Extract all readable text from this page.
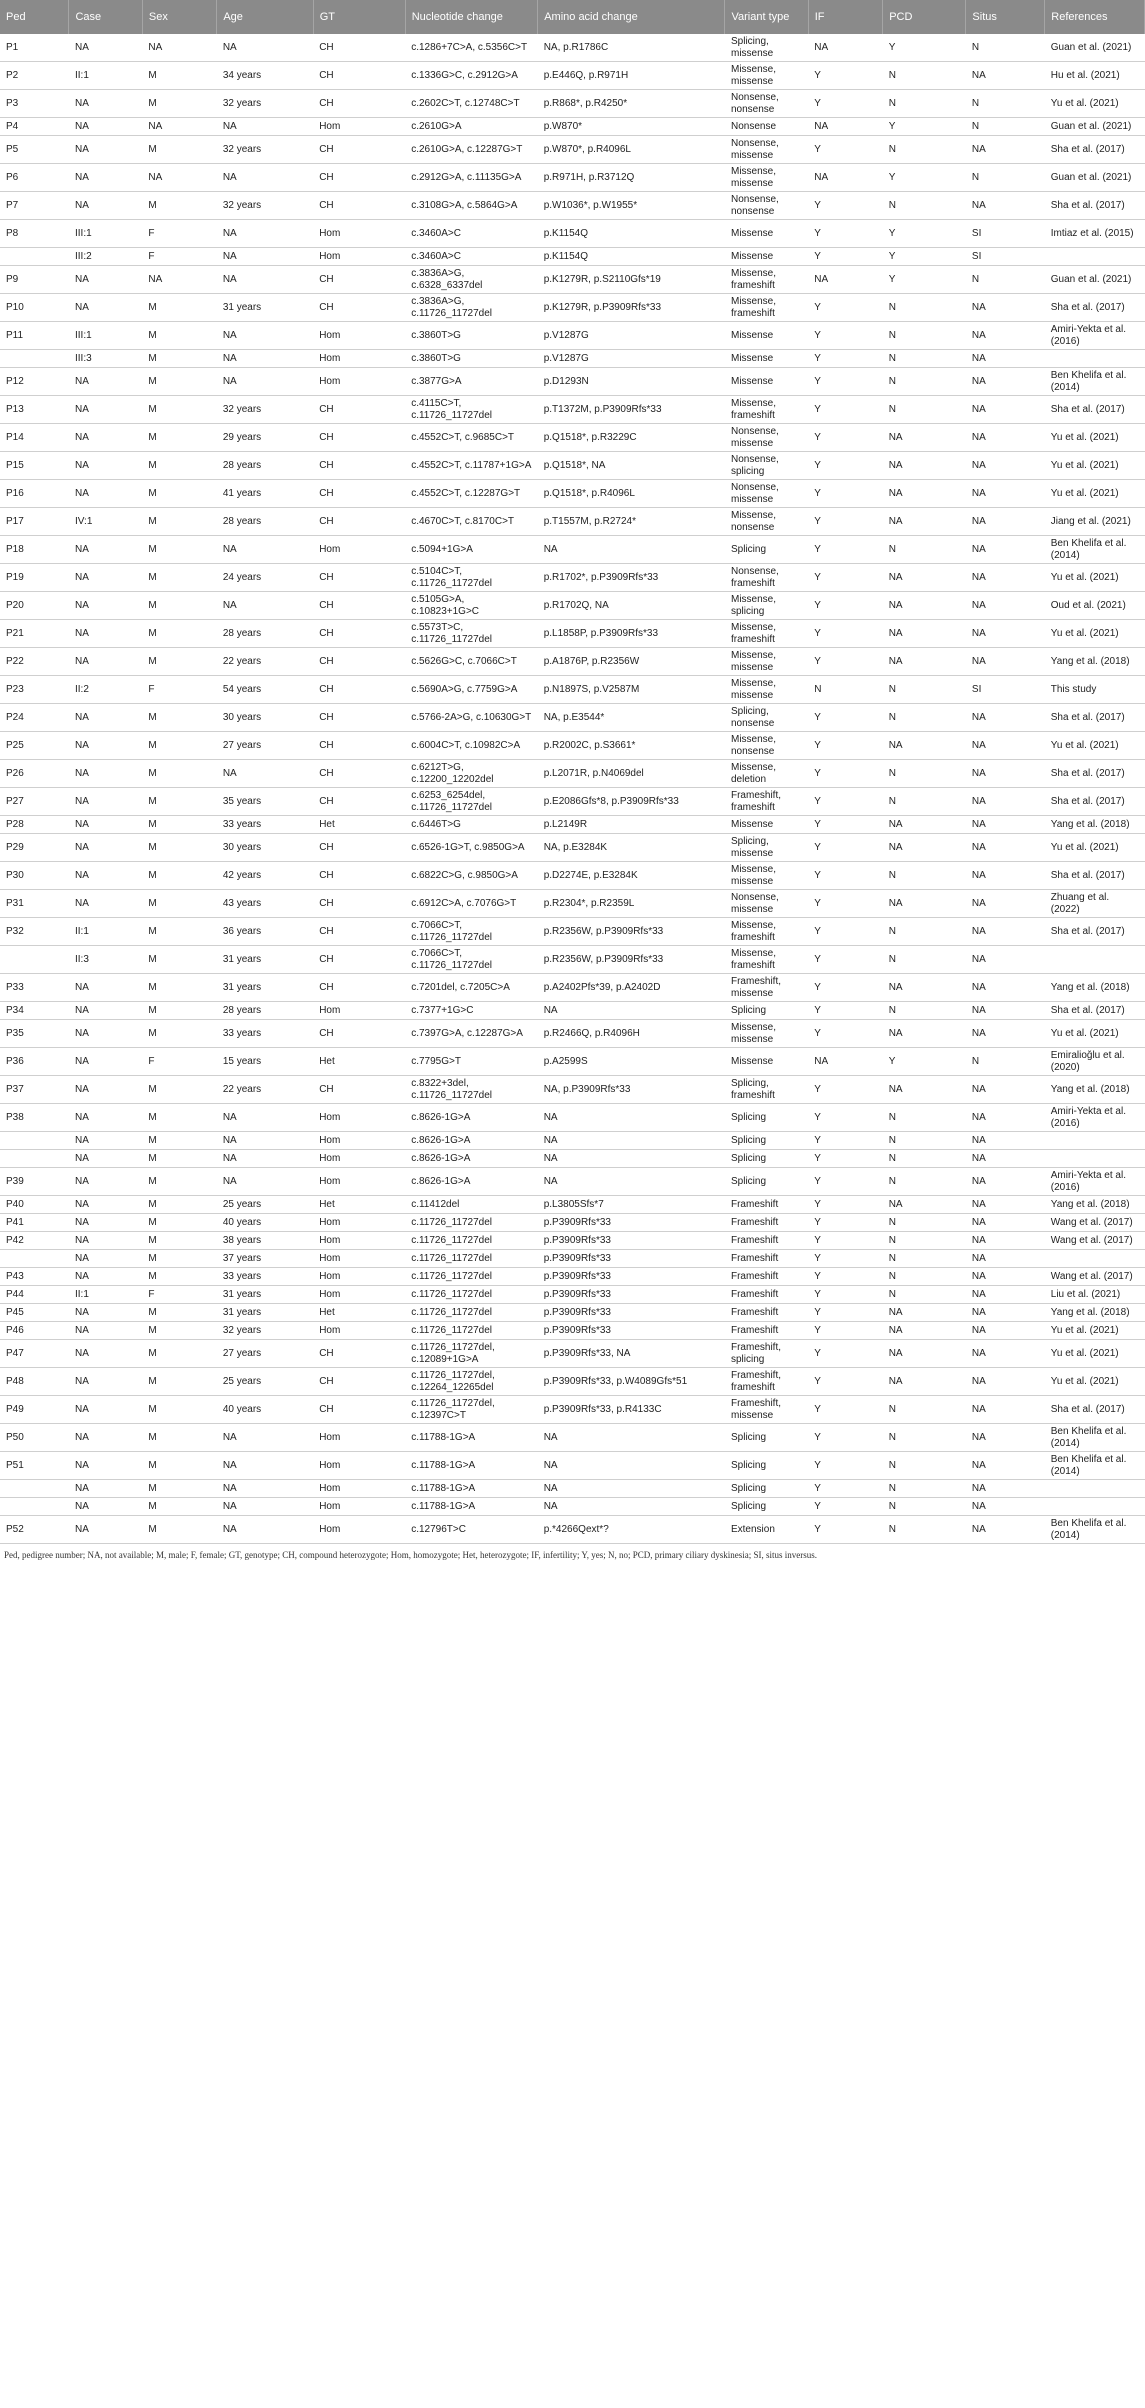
Ped	Case	Sex	Age	GT	Nucleotide change	Amino acid change	Variant type	IF	PCD	Situs	References
P1	NA	NA	NA	CH	c.1286+7C>A, c.5356C>T	NA, p.R1786C	Splicing, missense	NA	Y	N	Guan et al. (2021)
P2	II:1	M	34 years	CH	c.1336G>C, c.2912G>A	p.E446Q, p.R971H	Missense, missense	Y	N	NA	Hu et al. (2021)
P3	NA	M	32 years	CH	c.2602C>T, c.12748C>T	p.R868*, p.R4250*	Nonsense, nonsense	Y	N	N	Yu et al. (2021)
P4	NA	NA	NA	Hom	c.2610G>A	p.W870*	Nonsense	NA	Y	N	Guan et al. (2021)
P5	NA	M	32 years	CH	c.2610G>A, c.12287G>T	p.W870*, p.R4096L	Nonsense, missense	Y	N	NA	Sha et al. (2017)
P6	NA	NA	NA	CH	c.2912G>A, c.11135G>A	p.R971H, p.R3712Q	Missense, missense	NA	Y	N	Guan et al. (2021)
P7	NA	M	32 years	CH	c.3108G>A, c.5864G>A	p.W1036*, p.W1955*	Nonsense, nonsense	Y	N	NA	Sha et al. (2017)
P8	III:1	F	NA	Hom	c.3460A>C	p.K1154Q	Missense	Y	Y	SI	Imtiaz et al. (2015)
	III:2	F	NA	Hom	c.3460A>C	p.K1154Q	Missense	Y	Y	SI	
P9	NA	NA	NA	CH	c.3836A>G, c.6328_6337del	p.K1279R, p.S2110Gfs*19	Missense, frameshift	NA	Y	N	Guan et al. (2021)
P10	NA	M	31 years	CH	c.3836A>G, c.11726_11727del	p.K1279R, p.P3909Rfs*33	Missense, frameshift	Y	N	NA	Sha et al. (2017)
P11	III:1	M	NA	Hom	c.3860T>G	p.V1287G	Missense	Y	N	NA	Amiri-Yekta et al. (2016)
	III:3	M	NA	Hom	c.3860T>G	p.V1287G	Missense	Y	N	NA	
P12	NA	M	NA	Hom	c.3877G>A	p.D1293N	Missense	Y	N	NA	Ben Khelifa et al. (2014)
P13	NA	M	32 years	CH	c.4115C>T, c.11726_11727del	p.T1372M, p.P3909Rfs*33	Missense, frameshift	Y	N	NA	Sha et al. (2017)
P14	NA	M	29 years	CH	c.4552C>T, c.9685C>T	p.Q1518*, p.R3229C	Nonsense, missense	Y	NA	NA	Yu et al. (2021)
P15	NA	M	28 years	CH	c.4552C>T, c.11787+1G>A	p.Q1518*, NA	Nonsense, splicing	Y	NA	NA	Yu et al. (2021)
P16	NA	M	41 years	CH	c.4552C>T, c.12287G>T	p.Q1518*, p.R4096L	Nonsense, missense	Y	NA	NA	Yu et al. (2021)
P17	IV:1	M	28 years	CH	c.4670C>T, c.8170C>T	p.T1557M, p.R2724*	Missense, nonsense	Y	NA	NA	Jiang et al. (2021)
P18	NA	M	NA	Hom	c.5094+1G>A	NA	Splicing	Y	N	NA	Ben Khelifa et al. (2014)
P19	NA	M	24 years	CH	c.5104C>T, c.11726_11727del	p.R1702*, p.P3909Rfs*33	Nonsense, frameshift	Y	NA	NA	Yu et al. (2021)
P20	NA	M	NA	CH	c.5105G>A, c.10823+1G>C	p.R1702Q, NA	Missense, splicing	Y	NA	NA	Oud et al. (2021)
P21	NA	M	28 years	CH	c.5573T>C, c.11726_11727del	p.L1858P, p.P3909Rfs*33	Missense, frameshift	Y	NA	NA	Yu et al. (2021)
P22	NA	M	22 years	CH	c.5626G>C, c.7066C>T	p.A1876P, p.R2356W	Missense, missense	Y	NA	NA	Yang et al. (2018)
P23	II:2	F	54 years	CH	c.5690A>G, c.7759G>A	p.N1897S, p.V2587M	Missense, missense	N	N	SI	This study
P24	NA	M	30 years	CH	c.5766-2A>G, c.10630G>T	NA, p.E3544*	Splicing, nonsense	Y	N	NA	Sha et al. (2017)
P25	NA	M	27 years	CH	c.6004C>T, c.10982C>A	p.R2002C, p.S3661*	Missense, nonsense	Y	NA	NA	Yu et al. (2021)
P26	NA	M	NA	CH	c.6212T>G, c.12200_12202del	p.L2071R, p.N4069del	Missense, deletion	Y	N	NA	Sha et al. (2017)
P27	NA	M	35 years	CH	c.6253_6254del, c.11726_11727del	p.E2086Gfs*8, p.P3909Rfs*33	Frameshift, frameshift	Y	N	NA	Sha et al. (2017)
P28	NA	M	33 years	Het	c.6446T>G	p.L2149R	Missense	Y	NA	NA	Yang et al. (2018)
P29	NA	M	30 years	CH	c.6526-1G>T, c.9850G>A	NA, p.E3284K	Splicing, missense	Y	NA	NA	Yu et al. (2021)
P30	NA	M	42 years	CH	c.6822C>G, c.9850G>A	p.D2274E, p.E3284K	Missense, missense	Y	N	NA	Sha et al. (2017)
P31	NA	M	43 years	CH	c.6912C>A, c.7076G>T	p.R2304*, p.R2359L	Nonsense, missense	Y	NA	NA	Zhuang et al. (2022)
P32	II:1	M	36 years	CH	c.7066C>T, c.11726_11727del	p.R2356W, p.P3909Rfs*33	Missense, frameshift	Y	N	NA	Sha et al. (2017)
	II:3	M	31 years	CH	c.7066C>T, c.11726_11727del	p.R2356W, p.P3909Rfs*33	Missense, frameshift	Y	N	NA	
P33	NA	M	31 years	CH	c.7201del, c.7205C>A	p.A2402Pfs*39, p.A2402D	Frameshift, missense	Y	NA	NA	Yang et al. (2018)
P34	NA	M	28 years	Hom	c.7377+1G>C	NA	Splicing	Y	N	NA	Sha et al. (2017)
P35	NA	M	33 years	CH	c.7397G>A, c.12287G>A	p.R2466Q, p.R4096H	Missense, missense	Y	NA	NA	Yu et al. (2021)
P36	NA	F	15 years	Het	c.7795G>T	p.A2599S	Missense	NA	Y	N	Emiralioğlu et al. (2020)
P37	NA	M	22 years	CH	c.8322+3del, c.11726_11727del	NA, p.P3909Rfs*33	Splicing, frameshift	Y	NA	NA	Yang et al. (2018)
P38	NA	M	NA	Hom	c.8626-1G>A	NA	Splicing	Y	N	NA	Amiri-Yekta et al. (2016)
	NA	M	NA	Hom	c.8626-1G>A	NA	Splicing	Y	N	NA	
	NA	M	NA	Hom	c.8626-1G>A	NA	Splicing	Y	N	NA	
P39	NA	M	NA	Hom	c.8626-1G>A	NA	Splicing	Y	N	NA	Amiri-Yekta et al. (2016)
P40	NA	M	25 years	Het	c.11412del	p.L3805Sfs*7	Frameshift	Y	NA	NA	Yang et al. (2018)
P41	NA	M	40 years	Hom	c.11726_11727del	p.P3909Rfs*33	Frameshift	Y	N	NA	Wang et al. (2017)
P42	NA	M	38 years	Hom	c.11726_11727del	p.P3909Rfs*33	Frameshift	Y	N	NA	Wang et al. (2017)
	NA	M	37 years	Hom	c.11726_11727del	p.P3909Rfs*33	Frameshift	Y	N	NA	
P43	NA	M	33 years	Hom	c.11726_11727del	p.P3909Rfs*33	Frameshift	Y	N	NA	Wang et al. (2017)
P44	II:1	F	31 years	Hom	c.11726_11727del	p.P3909Rfs*33	Frameshift	Y	N	NA	Liu et al. (2021)
P45	NA	M	31 years	Het	c.11726_11727del	p.P3909Rfs*33	Frameshift	Y	NA	NA	Yang et al. (2018)
P46	NA	M	32 years	Hom	c.11726_11727del	p.P3909Rfs*33	Frameshift	Y	NA	NA	Yu et al. (2021)
P47	NA	M	27 years	CH	c.11726_11727del, c.12089+1G>A	p.P3909Rfs*33, NA	Frameshift, splicing	Y	NA	NA	Yu et al. (2021)
P48	NA	M	25 years	CH	c.11726_11727del, c.12264_12265del	p.P3909Rfs*33, p.W4089Gfs*51	Frameshift, frameshift	Y	NA	NA	Yu et al. (2021)
P49	NA	M	40 years	CH	c.11726_11727del, c.12397C>T	p.P3909Rfs*33, p.R4133C	Frameshift, missense	Y	N	NA	Sha et al. (2017)
P50	NA	M	NA	Hom	c.11788-1G>A	NA	Splicing	Y	N	NA	Ben Khelifa et al. (2014)
P51	NA	M	NA	Hom	c.11788-1G>A	NA	Splicing	Y	N	NA	Ben Khelifa et al. (2014)
	NA	M	NA	Hom	c.11788-1G>A	NA	Splicing	Y	N	NA	
	NA	M	NA	Hom	c.11788-1G>A	NA	Splicing	Y	N	NA	
P52	NA	M	NA	Hom	c.12796T>C	p.*4266Qext*?	Extension	Y	N	NA	Ben Khelifa et al. (2014)
Ped, pedigree number; NA, not available; M, male; F, female; GT, genotype; CH, compound heterozygote; Hom, homozygote; Het, heterozygote; IF, infertility; Y, yes; N, no; PCD, primary ciliary dyskinesia; SI, situs inversus.
